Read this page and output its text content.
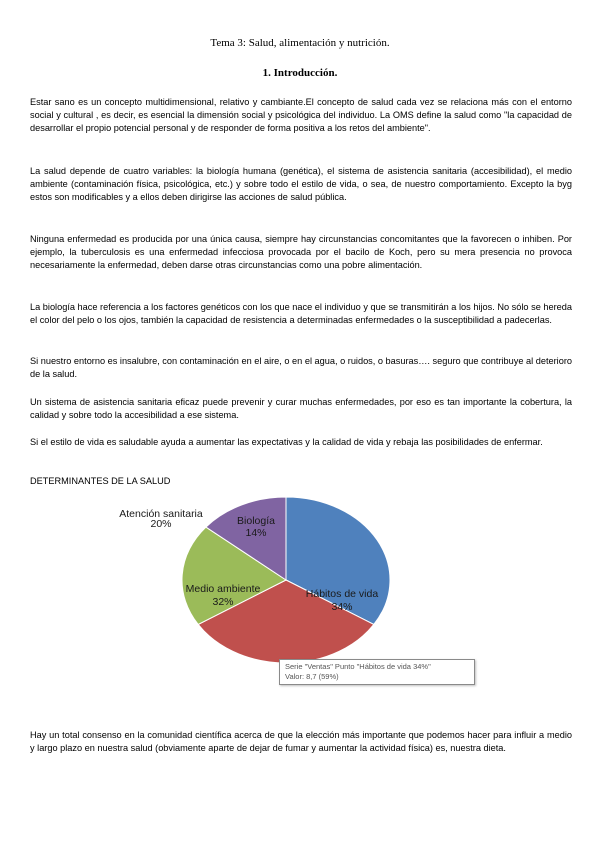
Tema 3: Salud, alimentación y nutrición.
1. Introducción.

Estar sano es un concepto multidimensional, relativo y cambiante.El concepto de salud cada vez se relaciona más con el entorno social y cultural , es decir, es esencial la dimensión social y psicológica del individuo. La OMS define la salud como "la capacidad de desarrollar el propio potencial personal y de responder de forma positiva a los retos del ambiente".

La salud depende de cuatro variables: la biología humana (genética), el sistema de asistencia sanitaria (accesibilidad), el medio ambiente (contaminación física, psicológica, etc.) y sobre todo el estilo de vida, o sea, de nuestro comportamiento. Excepto la byg estos son modificables y a ellos deben dirigirse las acciones de salud pública.

Ninguna enfermedad es producida por una única causa, siempre hay circunstancias concomitantes que la favorecen o inhiben. Por ejemplo, la tuberculosis es una enfermedad infecciosa provocada por el bacilo de Koch, pero su mera presencia no provoca necesariamente la enfermedad, deben darse otras circunstancias como una pobre alimentación.

La biología hace referencia a los factores genéticos con los que nace el individuo y que se transmitirán a los hijos. No sólo se hereda el color del pelo o los ojos, también la capacidad de resistencia a determinadas enfermedades o la susceptibilidad a padecerlas.

Si nuestro entorno es insalubre, con contaminación en el aire, o en el agua, o ruidos, o basuras…. seguro que contribuye al deterioro de la salud.

Un sistema de asistencia sanitaria eficaz puede prevenir y curar muchas enfermedades, por eso es tan importante la cobertura, la calidad y sobre todo la accesibilidad a ese sistema.

Si el estilo de vida es saludable ayuda a aumentar las expectativas y la calidad de vida y rebaja las posibilidades de enfermar.

DETERMINANTES DE LA SALUD
Hábitos de vida
34%
Medio ambiente
32%
Atención sanitaria
20%	Biología
14%
Serie "Ventas" Punto "Hábitos de vida 34%"
Valor: 8,7 (59%)

Hay un total consenso en la comunidad científica acerca de que la elección más importante que podemos hacer para influir a medio y largo plazo en nuestra salud (obviamente aparte de dejar de fumar y aumentar la actividad física) es, nuestra dieta.
